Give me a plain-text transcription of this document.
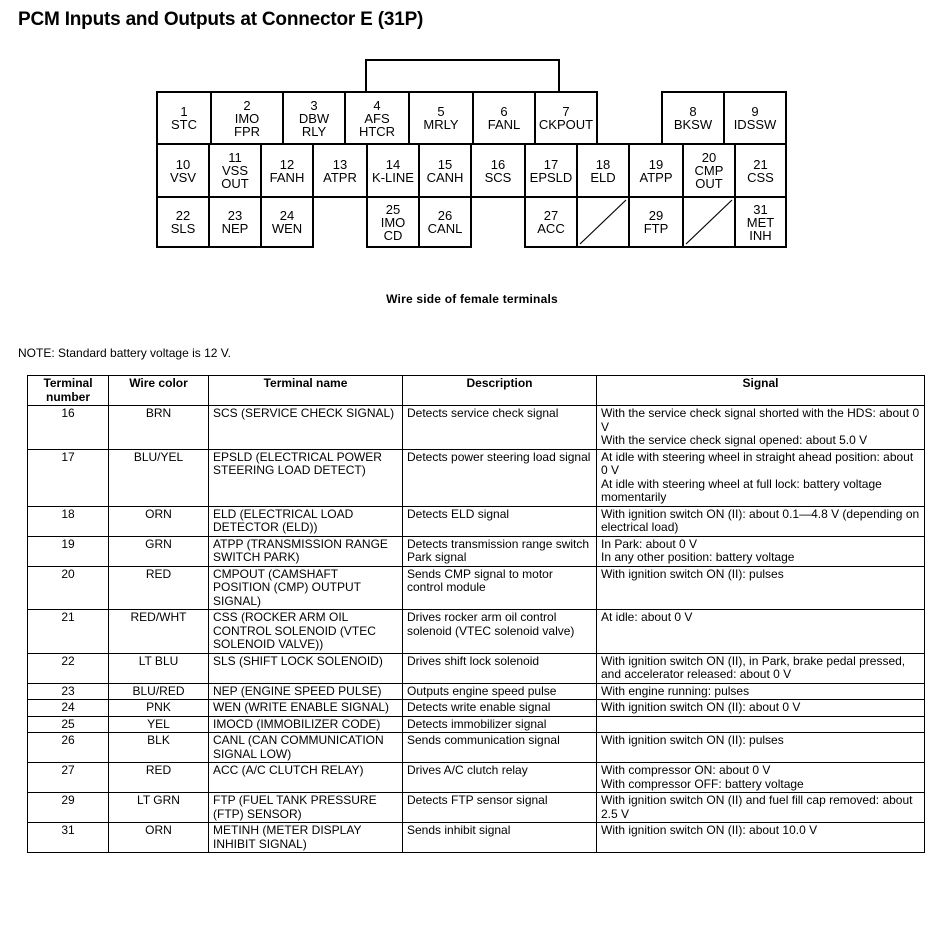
PCM Inputs and Outputs at Connector E (31P)
1
STC
2
IMO
FPR
3
DBW
RLY
4
AFS
HTCR
5
MRLY
6
FANL
7
CKPOUT
8
BKSW
9
IDSSW
10
VSV
11
VSS
OUT
12
FANH
13
ATPR
14
K-LINE
15
CANH
16
SCS
17
EPSLD
18
ELD
19
ATPP
20
CMP
OUT
21
CSS
22
SLS
23
NEP
24
WEN
25
IMO
CD
26
CANL
27
ACC
29
FTP
31
MET
INH
Wire side of female terminals
NOTE: Standard battery voltage is 12 V.
Terminal number	Wire color	Terminal name	Description	Signal
16	BRN	SCS (SERVICE CHECK SIGNAL)	Detects service check signal	With the service check signal shorted with the HDS: about 0 V
With the service check signal opened: about 5.0 V

17	BLU/YEL	EPSLD (ELECTRICAL POWER STEERING LOAD DETECT)	Detects power steering load signal	At idle with steering wheel in straight ahead position: about 0 V
At idle with steering wheel at full lock: battery voltage momentarily

18	ORN	ELD (ELECTRICAL LOAD DETECTOR (ELD))	Detects ELD signal	With ignition switch ON (II): about 0.1—4.8 V (depending on electrical load)

19	GRN	ATPP (TRANSMISSION RANGE SWITCH PARK)	Detects transmission range switch Park signal	In Park: about 0 V
In any other position: battery voltage

20	RED	CMPOUT (CAMSHAFT POSITION (CMP) OUTPUT SIGNAL)	Sends CMP signal to motor control module	With ignition switch ON (II): pulses

21	RED/WHT	CSS (ROCKER ARM OIL CONTROL SOLENOID (VTEC SOLENOID VALVE))	Drives rocker arm oil control solenoid (VTEC solenoid valve)	At idle: about 0 V

22	LT BLU	SLS (SHIFT LOCK SOLENOID)	Drives shift lock solenoid	With ignition switch ON (II), in Park, brake pedal pressed, and accelerator released: about 0 V

23	BLU/RED	NEP (ENGINE SPEED PULSE)	Outputs engine speed pulse	With engine running: pulses

24	PNK	WEN (WRITE ENABLE SIGNAL)	Detects write enable signal	With ignition switch ON (II): about 0 V

25	YEL	IMOCD (IMMOBILIZER CODE)	Detects immobilizer signal	
26	BLK	CANL (CAN COMMUNICATION SIGNAL LOW)	Sends communication signal	With ignition switch ON (II): pulses

27	RED	ACC (A/C CLUTCH RELAY)	Drives A/C clutch relay	With compressor ON: about 0 V
With compressor OFF: battery voltage

29	LT GRN	FTP (FUEL TANK PRESSURE (FTP) SENSOR)	Detects FTP sensor signal	With ignition switch ON (II) and fuel fill cap removed: about 2.5 V

31	ORN	METINH (METER DISPLAY INHIBIT SIGNAL)	Sends inhibit signal	With ignition switch ON (II): about 10.0 V
